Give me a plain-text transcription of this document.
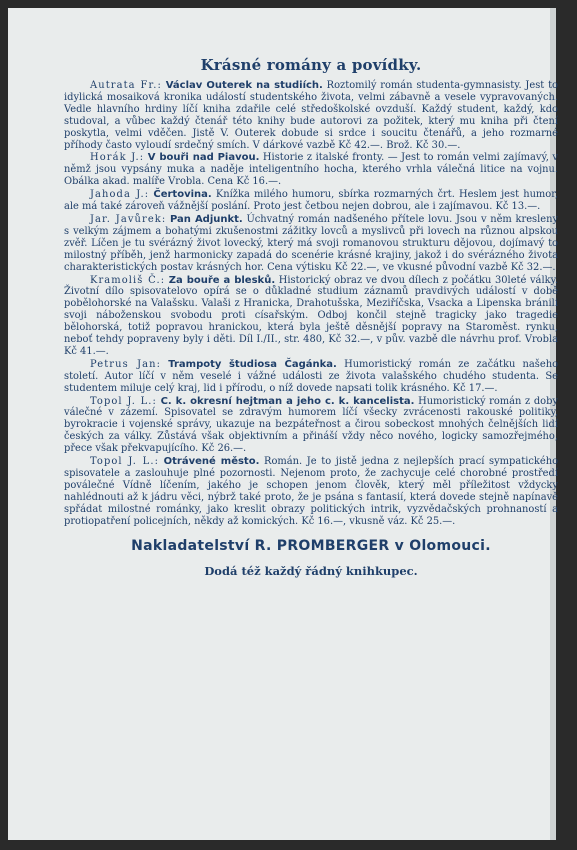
Krásné romány a povídky.

Autrata Fr.: Václav Outerek na studiích. Roztomilý román studenta-gymnasisty. Jest to idylická mosaiková kronika událostí studentského života, velmi zábavně a vesele vypravovaných. Vedle hlavního hrdiny líčí kniha zdařile celé středoškolské ovzduší. Každý student, každý, kdo studoval, a vůbec každý čtenář této knihy bude autorovi za požitek, který mu kniha při čtení poskytla, velmi vděčen. Jistě V. Outerek dobude si srdce i soucitu čtenářů, a jeho rozmarné příhody často vyloudí srdečný smích. V dárkové vazbě Kč 42.—. Brož. Kč 30.—.

Horák J.: V bouři nad Piavou. Historie z italské fronty. — Jest to román velmi zajímavý, v němž jsou vypsány muka a naděje inteligentního hocha, kterého vrhla válečná litice na vojnu. Obálka akad. malíře Vrobla. Cena Kč 16.—.

Jahoda J.: Čertovina. Knížka milého humoru, sbírka rozmarných črt. Heslem jest humor, ale má také zároveň vážnější poslání. Proto jest četbou nejen dobrou, ale i zajímavou. Kč 13.—.

Jar. Javůrek: Pan Adjunkt. Úchvatný román nadšeného přítele lovu. Jsou v něm kresleny s velkým zájmem a bohatými zkušenostmi zážitky lovců a myslivců při lovech na různou alpskou zvěř. Líčen je tu svérázný život lovecký, který má svoji romanovou strukturu dějovou, dojímavý to milostný příběh, jenž harmonicky zapadá do scenérie krásné krajiny, jakož i do svérázného života charakteristických postav krásných hor. Cena výtisku Kč 22.—, ve vkusné původní vazbě Kč 32.—.

Kramoliš Č.: Za bouře a blesků. Historický obraz ve dvou dílech z počátku 30leté války. Životní dílo spisovatelovo opírá se o důkladné studium záznamů pravdivých událostí v době pobělohorské na Valašsku. Valaši z Hranicka, Drahotušska, Meziříčska, Vsacka a Lipenska bránili svoji náboženskou svobodu proti císařským. Odboj končil stejně tragicky jako tragedie bělohorská, totiž popravou hranickou, která byla ještě děsnější popravy na Staroměst. rynku, neboť tehdy popraveny byly i děti. Díl I./II., str. 480, Kč 32.—, v pův. vazbě dle návrhu prof. Vrobla Kč 41.—.

Petrus Jan: Trampoty študiosa Čagánka. Humoristický román ze začátku našeho století. Autor líčí v něm veselé i vážné události ze života valašského chudého studenta. Se studentem miluje celý kraj, lid i přírodu, o níž dovede napsati tolik krásného. Kč 17.—.

Topol J. L.: C. k. okresní hejtman a jeho c. k. kancelista. Humoristický román z doby válečné v zázemí. Spisovatel se zdravým humorem líčí všecky zvrácenosti rakouské politiky, byrokracie i vojenské správy, ukazuje na bezpáteřnost a čirou sobeckost mnohých čelnějších lidí českých za války. Zůstává však objektivním a přináší vždy něco nového, logicky samozřejmého, přece však překvapujícího. Kč 26.—.

Topol J. L.: Otrávené město. Román. Je to jistě jedna z nejlepších prací sympatického spisovatele a zaslouhuje plné pozornosti. Nejenom proto, že zachycuje celé chorobné prostředí poválečné Vídně líčením, jakého je schopen jenom člověk, který měl příležitost vždycky nahlédnouti až k jádru věci, nýbrž také proto, že je psána s fantasií, která dovede stejně napínavě spřádat milostné románky, jako kreslit obrazy politických intrik, vyzvědačských prohnaností a protiopatření policejních, někdy až komických. Kč 16.—, vkusně váz. Kč 25.—.

Nakladatelství R. PROMBERGER v Olomouci.
Dodá též každý řádný knihkupec.
